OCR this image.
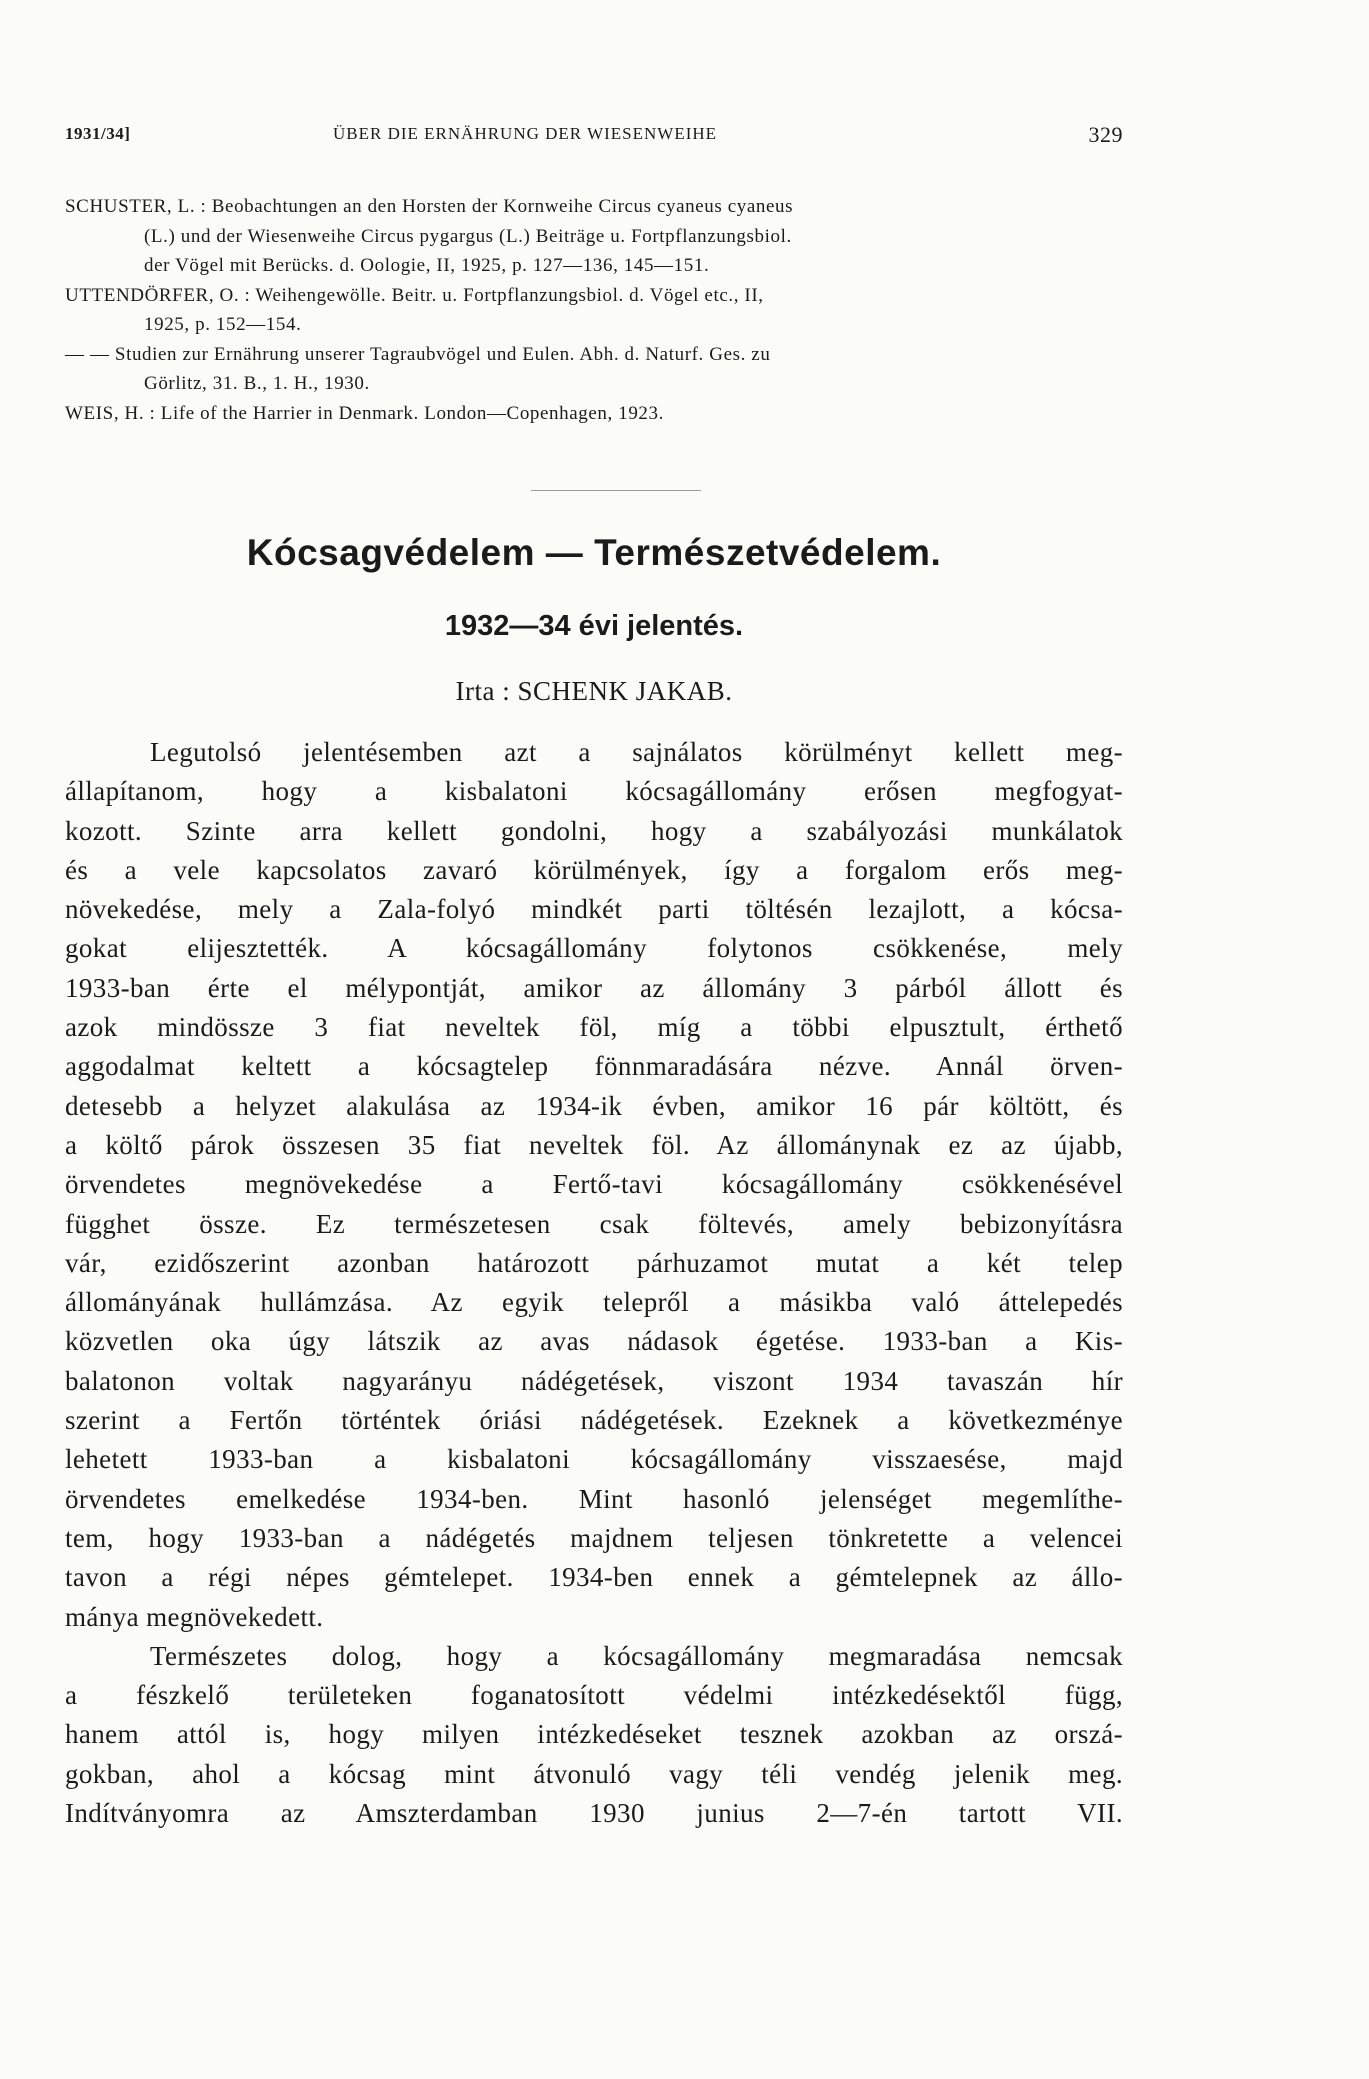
1931/34]	ÜBER DIE ERNÄHRUNG DER WIESENWEIHE	329
SCHUSTER, L. : Beobachtungen an den Horsten der Kornweihe Circus cyaneus cyaneus
(L.) und der Wiesenweihe Circus pygargus (L.) Beiträge u. Fortpflanzungsbiol.
der Vögel mit Berücks. d. Oologie, II, 1925, p. 127—136, 145—151.
UTTENDÖRFER, O. : Weihengewölle. Beitr. u. Fortpflanzungsbiol. d. Vögel etc., II,
1925, p. 152—154.
— — Studien zur Ernährung unserer Tagraubvögel und Eulen. Abh. d. Naturf. Ges. zu
Görlitz, 31. B., 1. H., 1930.
WEIS, H. : Life of the Harrier in Denmark. London—Copenhagen, 1923.
Kócsagvédelem — Természetvédelem.
1932—34 évi jelentés.
Irta : SCHENK JAKAB.
Legutolsó jelentésemben azt a sajnálatos körülményt kellett meg-
állapítanom, hogy a kisbalatoni kócsagállomány erősen megfogyat-
kozott. Szinte arra kellett gondolni, hogy a szabályozási munkálatok
és a vele kapcsolatos zavaró körülmények, így a forgalom erős meg-
növekedése, mely a Zala-folyó mindkét parti töltésén lezajlott, a kócsa-
gokat elijesztették. A kócsagállomány folytonos csökkenése, mely
1933-ban érte el mélypontját, amikor az állomány 3 párból állott és
azok mindössze 3 fiat neveltek föl, míg a többi elpusztult, érthető
aggodalmat keltett a kócsagtelep fönnmaradására nézve. Annál örven-
detesebb a helyzet alakulása az 1934-ik évben, amikor 16 pár költött, és
a költő párok összesen 35 fiat neveltek föl. Az állománynak ez az újabb,
örvendetes megnövekedése a Fertő-tavi kócsagállomány csökkenésével
függhet össze. Ez természetesen csak föltevés, amely bebizonyításra
vár, ezidőszerint azonban határozott párhuzamot mutat a két telep
állományának hullámzása. Az egyik telepről a másikba való áttelepedés
közvetlen oka úgy látszik az avas nádasok égetése. 1933-ban a Kis-
balatonon voltak nagyarányu nádégetések, viszont 1934 tavaszán hír
szerint a Fertőn történtek óriási nádégetések. Ezeknek a következménye
lehetett 1933-ban a kisbalatoni kócsagállomány visszaesése, majd
örvendetes emelkedése 1934-ben. Mint hasonló jelenséget megemlíthe-
tem, hogy 1933-ban a nádégetés majdnem teljesen tönkretette a velencei
tavon a régi népes gémtelepet. 1934-ben ennek a gémtelepnek az állo-
mánya megnövekedett.
Természetes dolog, hogy a kócsagállomány megmaradása nemcsak
a fészkelő területeken foganatosított védelmi intézkedésektől függ,
hanem attól is, hogy milyen intézkedéseket tesznek azokban az orszá-
gokban, ahol a kócsag mint átvonuló vagy téli vendég jelenik meg.
Indítványomra az Amszterdamban 1930 junius 2—7-én tartott VII.
